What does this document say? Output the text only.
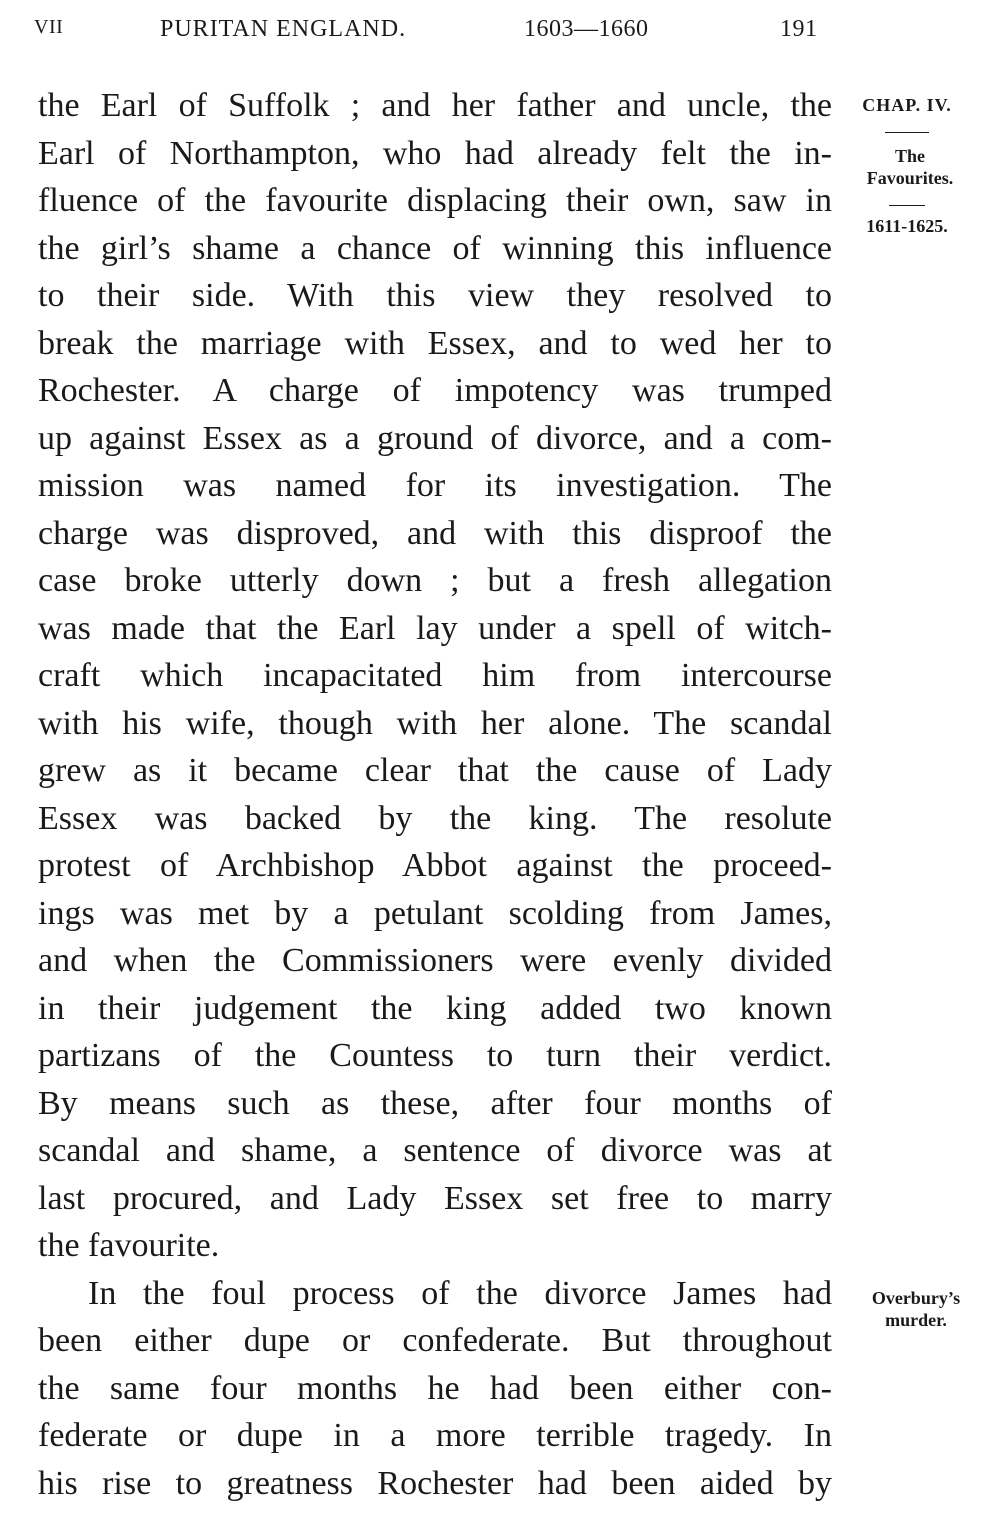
VII	PURITAN ENGLAND.	1603—1660	191
the Earl of Suffolk ; and her father and uncle, the
Earl of Northampton, who had already felt the in-
fluence of the favourite displacing their own, saw in
the girl’s shame a chance of winning this influence
to their side. With this view they resolved to
break the marriage with Essex, and to wed her to
Rochester. A charge of impotency was trumped
up against Essex as a ground of divorce, and a com-
mission was named for its investigation. The
charge was disproved, and with this disproof the
case broke utterly down ; but a fresh allegation
was made that the Earl lay under a spell of witch-
craft which incapacitated him from intercourse
with his wife, though with her alone. The scandal
grew as it became clear that the cause of Lady
Essex was backed by the king. The resolute
protest of Archbishop Abbot against the proceed-
ings was met by a petulant scolding from James,
and when the Commissioners were evenly divided
in their judgement the king added two known
partizans of the Countess to turn their verdict.
By means such as these, after four months of
scandal and shame, a sentence of divorce was at
last procured, and Lady Essex set free to marry
the favourite.
In the foul process of the divorce James had
been either dupe or confederate. But throughout
the same four months he had been either con-
federate or dupe in a more terrible tragedy. In
his rise to greatness Rochester had been aided by
CHAP. IV.
The
Favourites.
1611-1625.
Overbury’s
murder.
